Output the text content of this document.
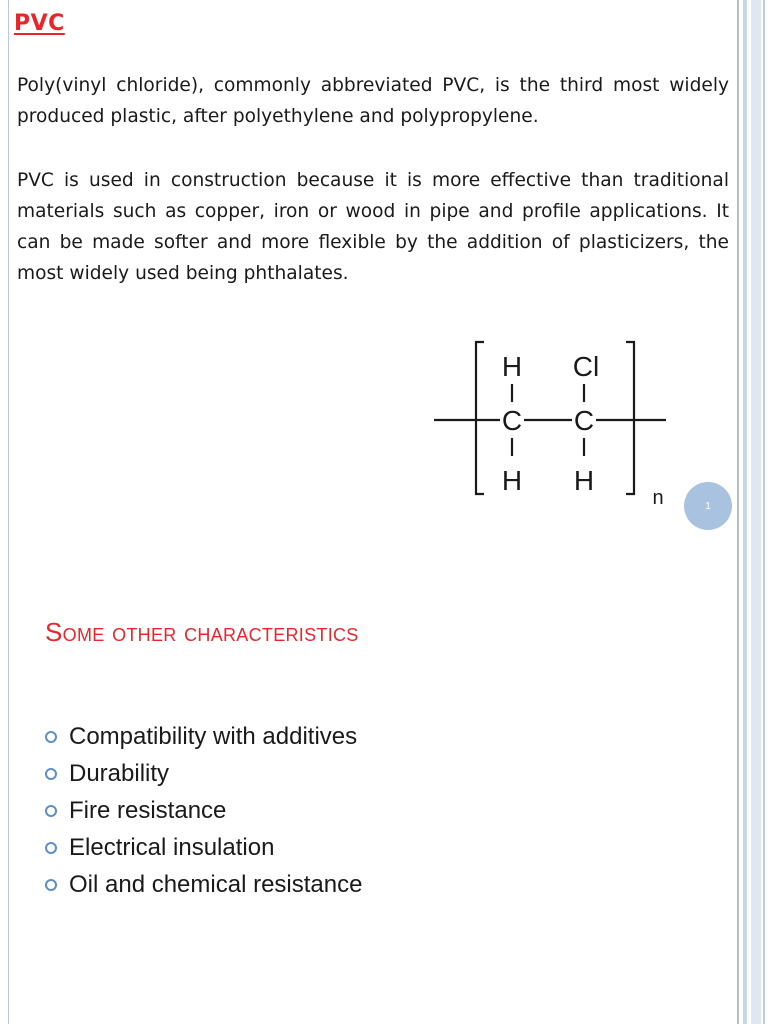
PVC

Poly(vinyl chloride), commonly abbreviated PVC, is the third most widely produced plastic, after polyethylene and polypropylene.

PVC is used in construction because it is more effective than traditional materials such as copper, iron or wood in pipe and profile applications. It can be made softer and more flexible by the addition of plasticizers, the most widely used being phthalates.

H Cl
C C
H H
n	1
Some other characteristics
Compatibility with additives
Durability
Fire resistance
Electrical insulation
Oil and chemical resistance
